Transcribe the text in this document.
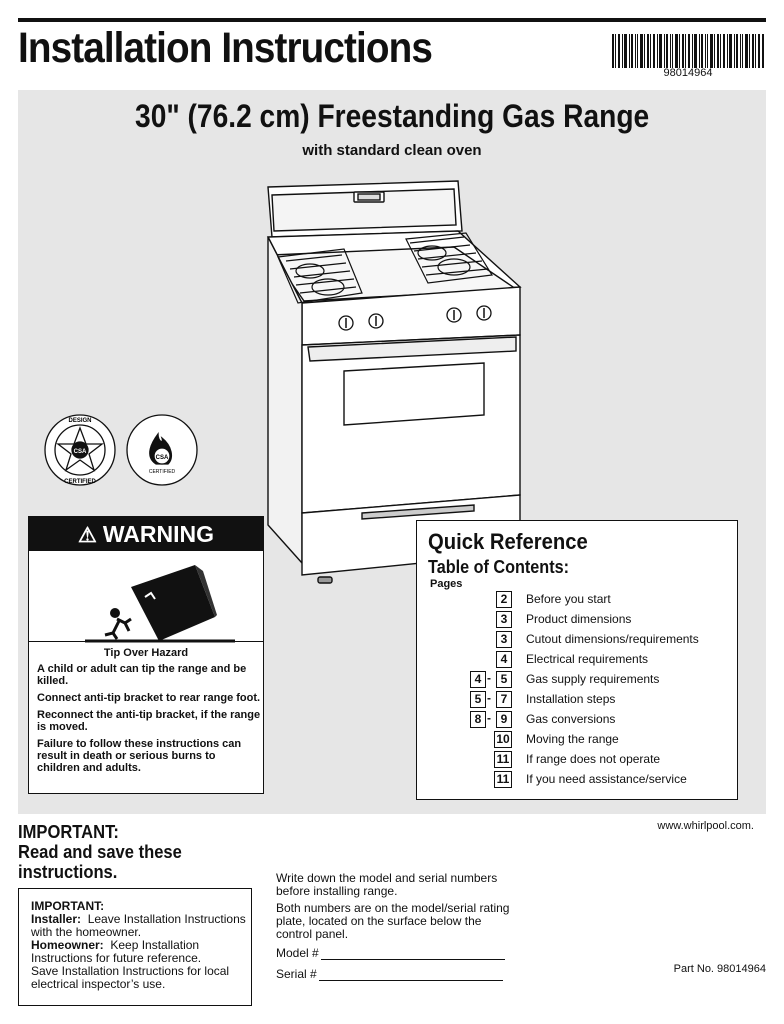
Installation Instructions
98014964
30" (76.2 cm) Freestanding Gas Range
with standard clean oven
DESIGN
CERTIFIED
CSA
CSA
CERTIFIED
⚠ WARNING
Tip Over Hazard

A child or adult can tip the range and be killed.

Connect anti-tip bracket to rear range foot.

Reconnect the anti-tip bracket, if the range is moved.

Failure to follow these instructions can result in death or serious burns to children and adults.

Quick Reference
Table of Contents:
Pages
2	Before you start
3	Product dimensions
3	Cutout dimensions/requirements
4	Electrical requirements
4 - 5	Gas supply requirements
5 - 7	Installation steps
8 - 9	Gas conversions
10 Moving the range
11 If range does not operate
11 If you need assistance/service
IMPORTANT:
Read and save these
instructions.
IMPORTANT:
Installer: Leave Installation Instructions with the homeowner.
Homeowner: Keep Installation Instructions for future reference.
Save Installation Instructions for local electrical inspector’s use.

Write down the model and serial numbers before installing range.

Both numbers are on the model/serial rating plate, located on the surface below the control panel.

Model #

Serial #

www.whirlpool.com.
Part No. 98014964
